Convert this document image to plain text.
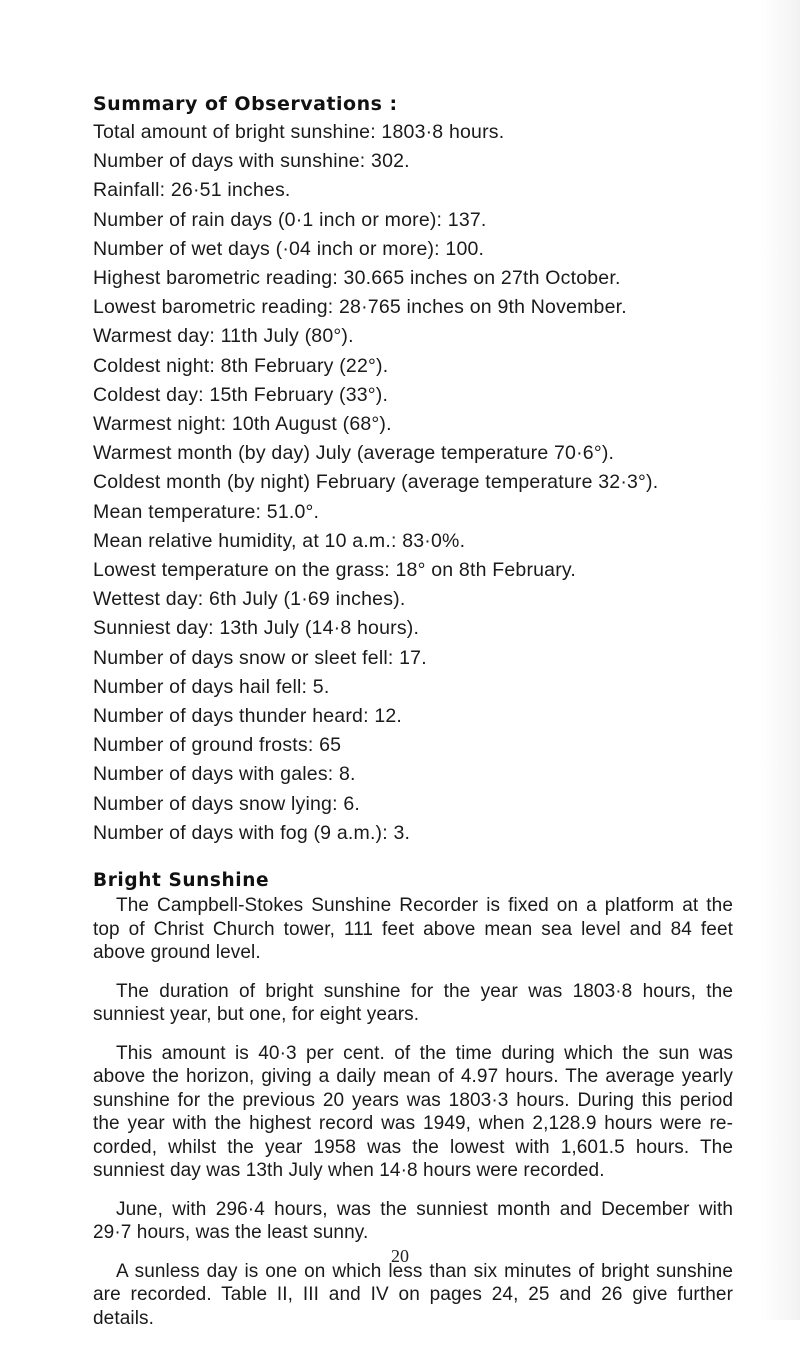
Summary of Observations :
Total amount of bright sunshine: 1803·8 hours.
Number of days with sunshine: 302.
Rainfall: 26·51 inches.
Number of rain days (0·1 inch or more): 137.
Number of wet days (·04 inch or more): 100.
Highest barometric reading: 30.665 inches on 27th October.
Lowest barometric reading: 28·765 inches on 9th November.
Warmest day: 11th July (80°).
Coldest night: 8th February (22°).
Coldest day: 15th February (33°).
Warmest night: 10th August (68°).
Warmest month (by day) July (average temperature 70·6°).
Coldest month (by night) February (average temperature 32·3°).
Mean temperature: 51.0°.
Mean relative humidity, at 10 a.m.: 83·0%.
Lowest temperature on the grass: 18° on 8th February.
Wettest day: 6th July (1·69 inches).
Sunniest day: 13th July (14·8 hours).
Number of days snow or sleet fell: 17.
Number of days hail fell: 5.
Number of days thunder heard: 12.
Number of ground frosts: 65
Number of days with gales: 8.
Number of days snow lying: 6.
Number of days with fog (9 a.m.): 3.
Bright Sunshine

The Campbell-Stokes Sunshine Recorder is fixed on a platform at the top of Christ Church tower, 111 feet above mean sea level and 84 feet above ground level.

The duration of bright sunshine for the year was 1803·8 hours, the sunniest year, but one, for eight years.

This amount is 40·3 per cent. of the time during which the sun was above the horizon, giving a daily mean of 4.97 hours. The average yearly sunshine for the previous 20 years was 1803·3 hours. During this period the year with the highest record was 1949, when 2,128.9 hours were re-corded, whilst the year 1958 was the lowest with 1,601.5 hours. The sunniest day was 13th July when 14·8 hours were recorded.

June, with 296·4 hours, was the sunniest month and December with 29·7 hours, was the least sunny.

A sunless day is one on which less than six minutes of bright sunshine are recorded. Table II, III and IV on pages 24, 25 and 26 give further details.

20
